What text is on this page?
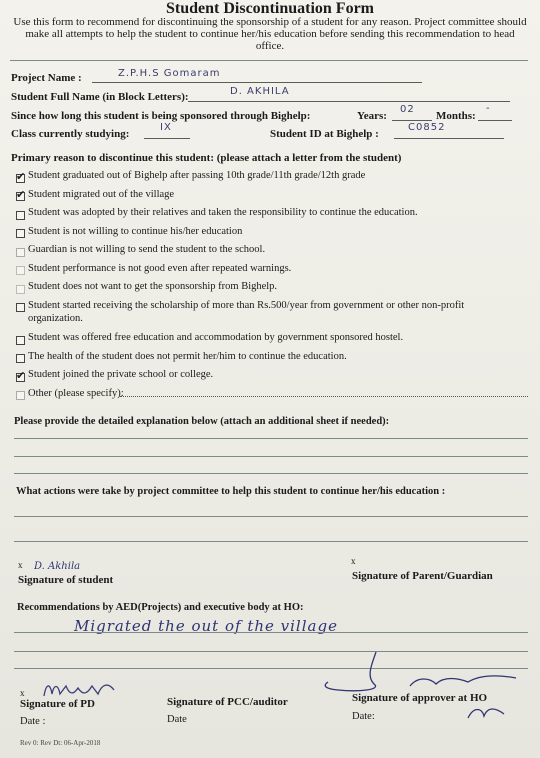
Student Discontinuation Form
Use this form to recommend for discontinuing the sponsorship of a student for any reason. Project committee should make all attempts to help the student to continue her/his education before sending this recommendation to head office.
Project Name :	Z.P.H.S Gomaram
Student Full Name (in Block Letters):	D. AKHILA
Since how long this student is being sponsored through Bighelp:	Years:
02
Months:
-
Class currently studying:
IX
Student ID at Bighelp :
C0852
Primary reason to discontinue this student: (please attach a letter from the student)
✔ Student graduated out of Bighelp after passing 10th grade/11th grade/12th grade
✔ Student migrated out of the village
Student was adopted by their relatives and taken the responsibility to continue the education.
Student is not willing to continue his/her education
Guardian is not willing to send the student to the school.
Student performance is not good even after repeated warnings.
Student does not want to get the sponsorship from Bighelp.
Student started receiving the scholarship of more than Rs.500/year from government or other non-profit organization.
Student was offered free education and accommodation by government sponsored hostel.
The health of the student does not permit her/him to continue the education.
✔ Student joined the private school or college.
Other (please specify):
Please provide the detailed explanation below (attach an additional sheet if needed):
What actions were take by project committee to help this student to continue her/his education :
x D. Akhila
Signature of student
x
Signature of Parent/Guardian
Recommendations by AED(Projects) and executive body at HO:
Migrated the out of the village
x
Signature of PD
Date :
Signature of PCC/auditor
Date
Signature of approver at HO
Date:
Rev 0: Rev Dt: 06-Apr-2018
